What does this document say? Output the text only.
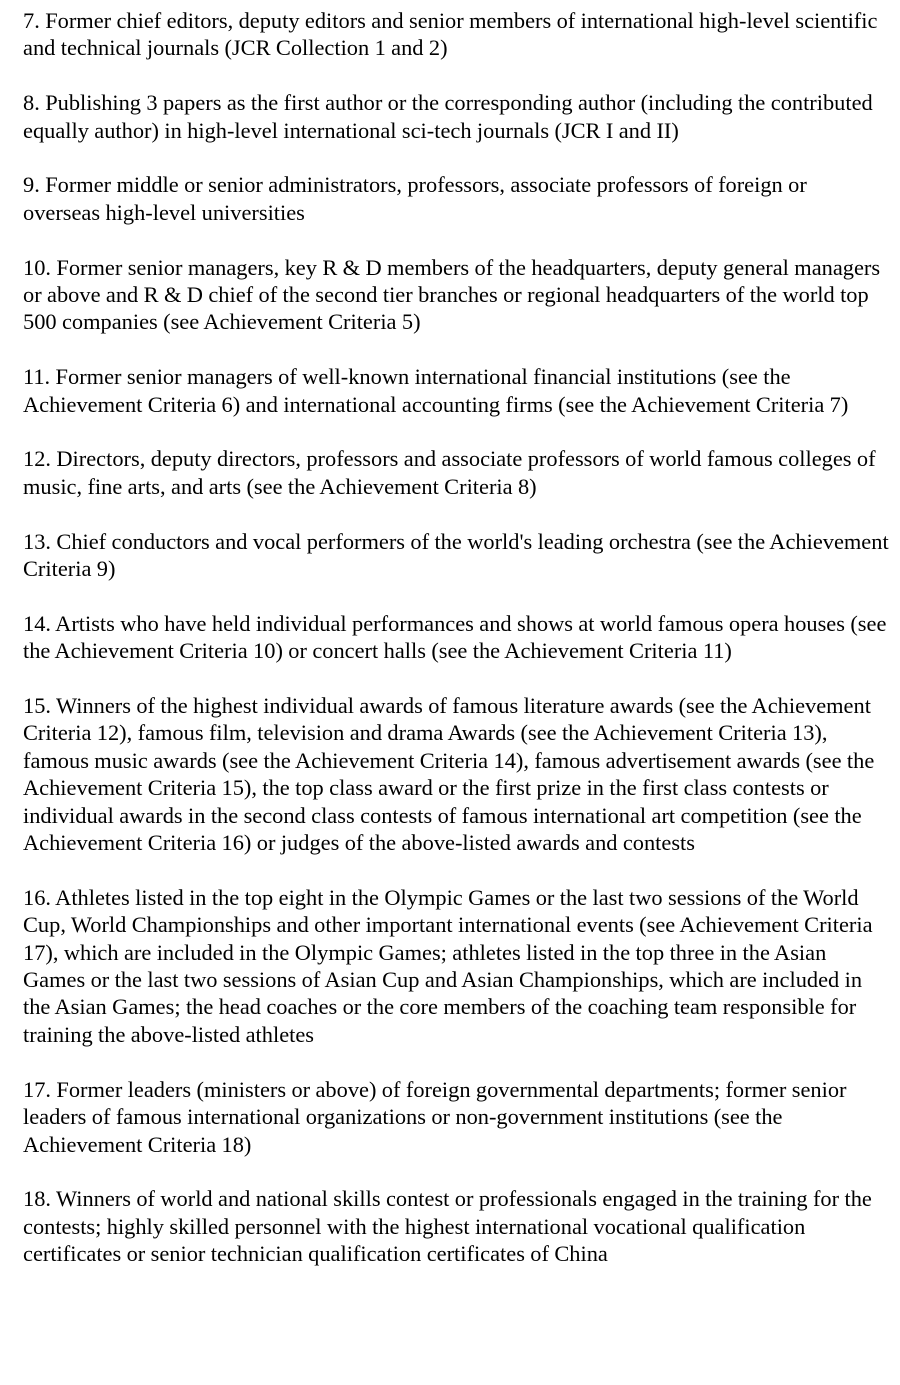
7. Former chief editors, deputy editors and senior members of international high-level scientific and technical journals (JCR Collection 1 and 2)

8. Publishing 3 papers as the first author or the corresponding author (including the contributed equally author) in high-level international sci-tech journals (JCR I and II)

9. Former middle or senior administrators, professors, associate professors of foreign or overseas high-level universities

10. Former senior managers, key R & D members of the headquarters, deputy general managers or above and R & D chief of the second tier branches or regional headquarters of the world top 500 companies (see Achievement Criteria 5)

11. Former senior managers of well-known international financial institutions (see the Achievement Criteria 6) and international accounting firms (see the Achievement Criteria 7)

12. Directors, deputy directors, professors and associate professors of world famous colleges of music, fine arts, and arts (see the Achievement Criteria 8)

13. Chief conductors and vocal performers of the world's leading orchestra (see the Achievement Criteria 9)

14. Artists who have held individual performances and shows at world famous opera houses (see the Achievement Criteria 10) or concert halls (see the Achievement Criteria 11)

15. Winners of the highest individual awards of famous literature awards (see the Achievement Criteria 12), famous film, television and drama Awards (see the Achievement Criteria 13), famous music awards (see the Achievement Criteria 14), famous advertisement awards (see the Achievement Criteria 15), the top class award or the first prize in the first class contests or individual awards in the second class contests of famous international art competition (see the Achievement Criteria 16) or judges of the above-listed awards and contests

16. Athletes listed in the top eight in the Olympic Games or the last two sessions of the World Cup, World Championships and other important international events (see Achievement Criteria 17), which are included in the Olympic Games; athletes listed in the top three in the Asian Games or the last two sessions of Asian Cup and Asian Championships, which are included in the Asian Games; the head coaches or the core members of the coaching team responsible for training the above-listed athletes

17. Former leaders (ministers or above) of foreign governmental departments; former senior leaders of famous international organizations or non-government institutions (see the Achievement Criteria 18)

18. Winners of world and national skills contest or professionals engaged in the training for the contests; highly skilled personnel with the highest international vocational qualification certificates or senior technician qualification certificates of China
